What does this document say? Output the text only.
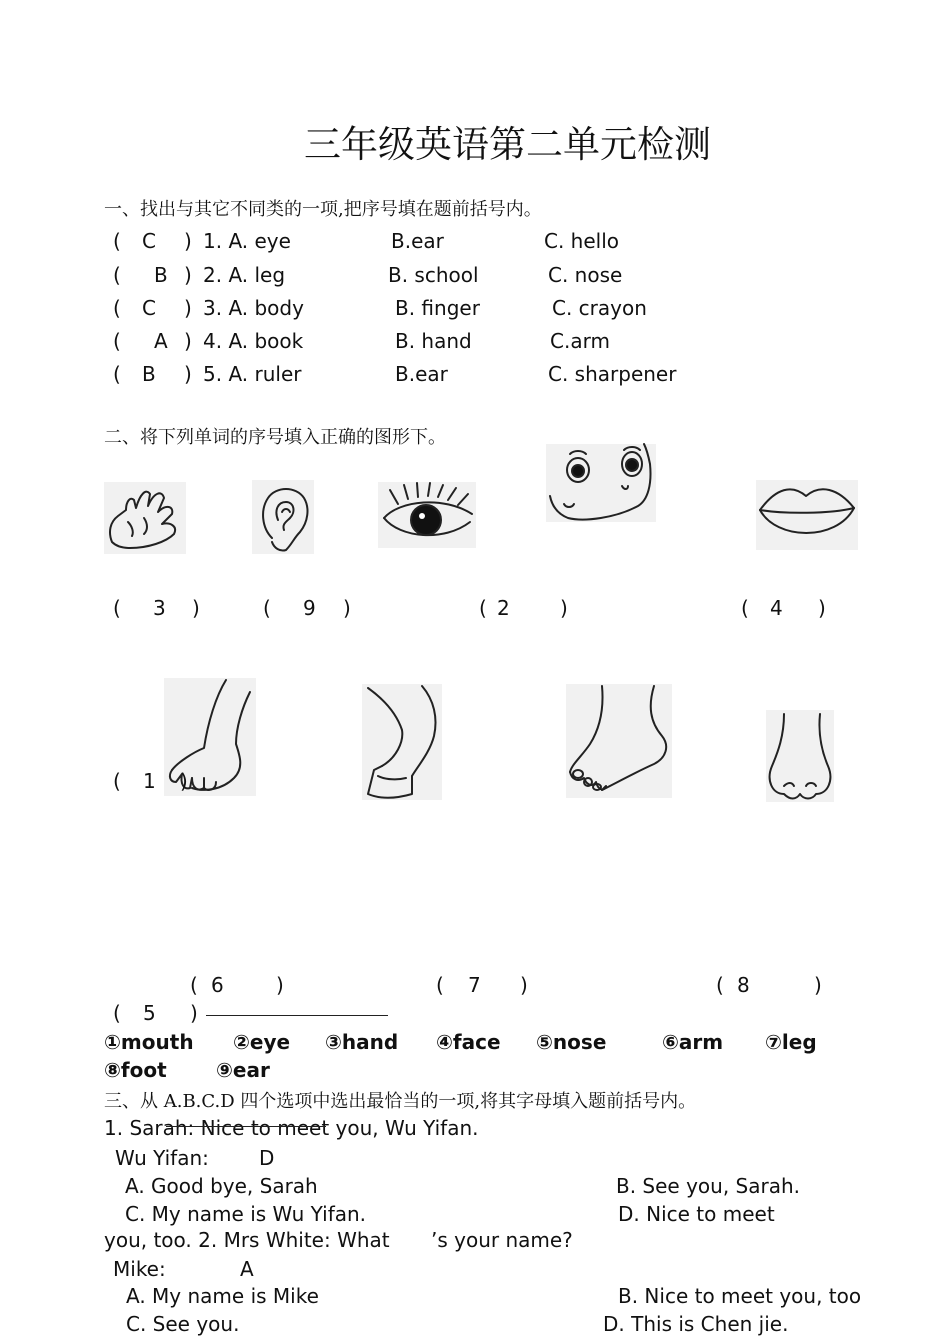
三年级英语第二单元检测
一、找出与其它不同类的一项,把序号填在题前括号内。
( C ) 1. A. eye	B.ear	C. hello
( B ) 2. A. leg	B. school	C. nose
( C ) 3. A. body	B. finger	C. crayon
( A ) 4. A. book	B. hand	C.arm
( B ) 5. A. ruler	B.ear	C. sharpener
二、将下列单词的序号填入正确的图形下。
( 3 )	( 9 )	( 2	)	( 4 )
( 1 )
( 6	)	( 7 )	( 8	)
( 5 )
①mouth ②eye ③hand ④face ⑤nose	⑥arm ⑦leg
⑧foot ⑨ear
三、从 A.B.C.D 四个选项中选出最恰当的一项,将其字母填入题前括号内。
1. Sarah: Nice to meet you, Wu Yifan.
Wu Yifan:	D
A. Good bye, Sarah	B. See you, Sarah.
C. My name is Wu Yifan.	D. Nice to meet
you, too. 2. Mrs White: What ’s your name?
Mike:	A
A. My name is Mike	B. Nice to meet you, too
C. See you.	D. This is Chen jie.
